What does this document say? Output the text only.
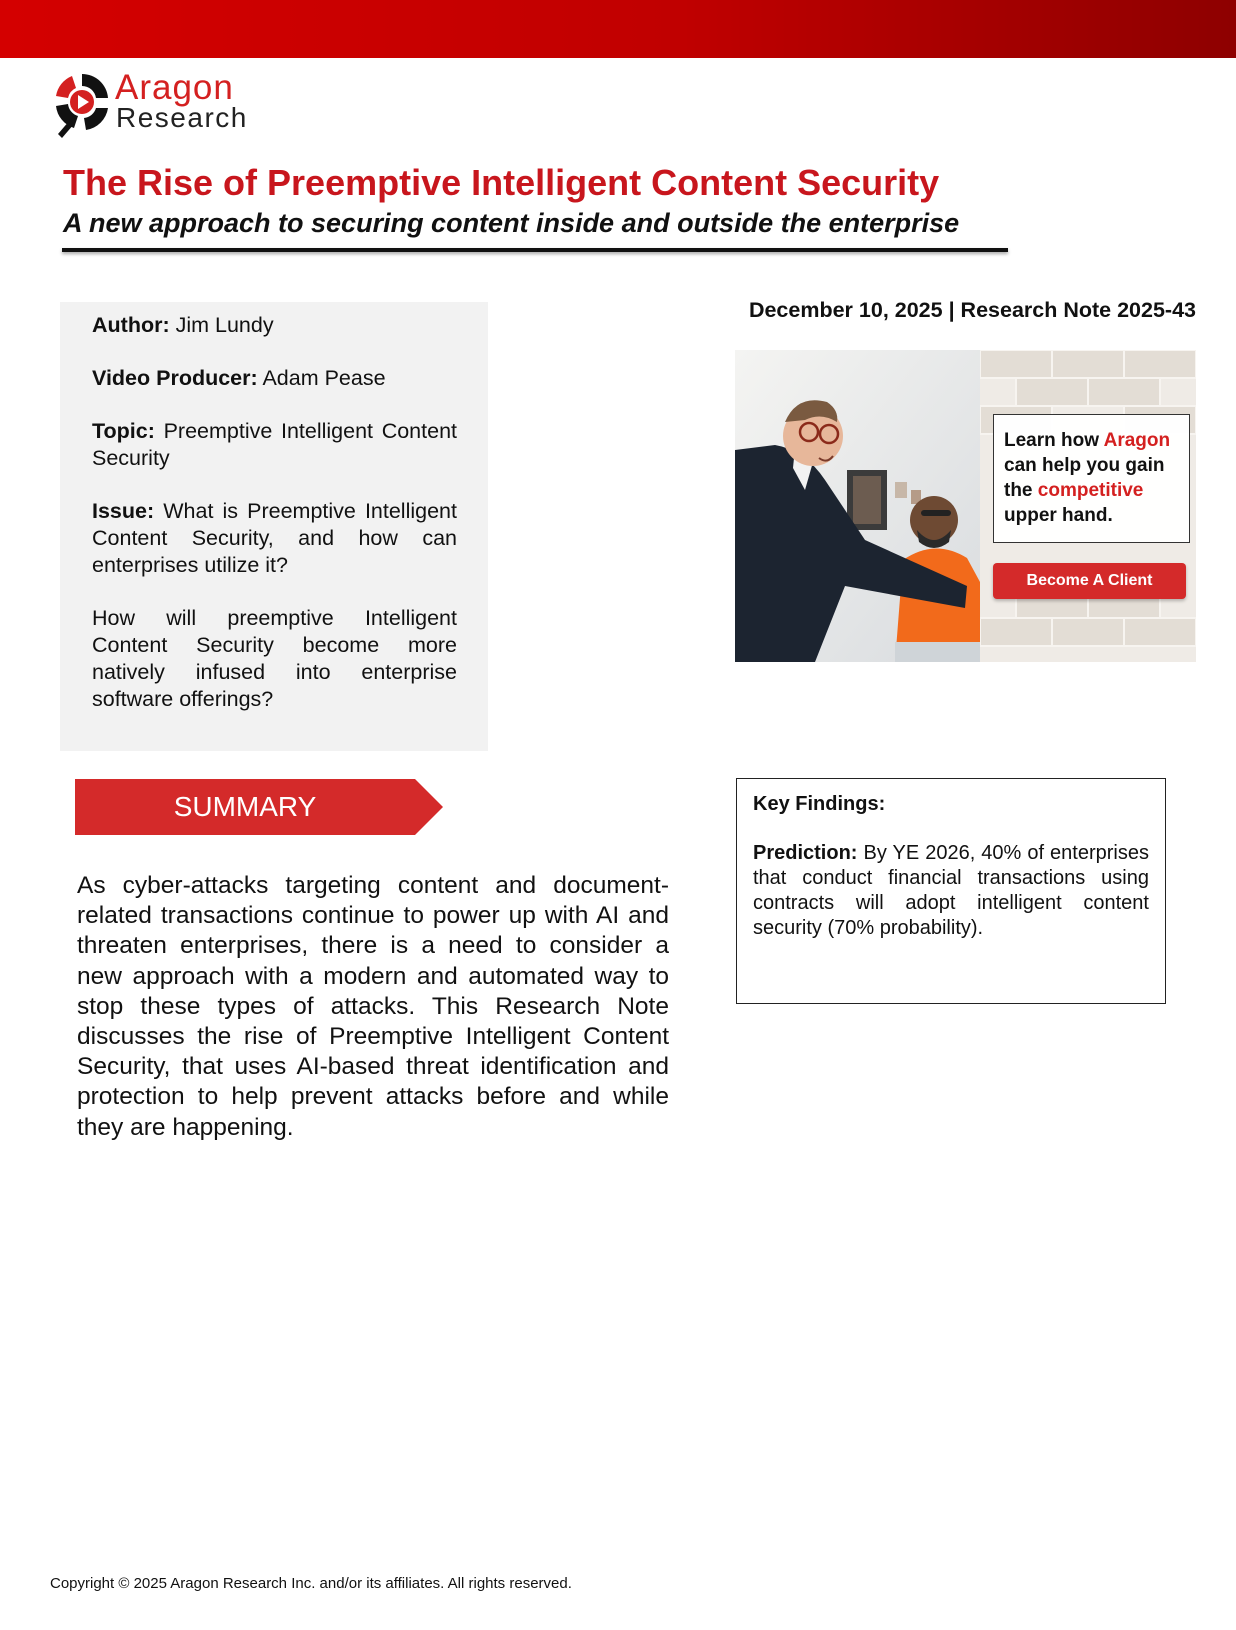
Aragon
Research
The Rise of Preemptive Intelligent Content Security
A new approach to securing content inside and outside the enterprise

Author: Jim Lundy

Video Producer: Adam Pease

Topic: Preemptive Intelligent Content Security

Issue: What is Preemptive Intelligent Content Security, and how can enterprises utilize it?

How will preemptive Intelligent Content Security become more natively infused into enterprise software offerings?

December 10, 2025 | Research Note 2025-43
Learn how Aragon
can help you gain
the competitive
upper hand.
Become A Client
SUMMARY

As cyber-attacks targeting content and document-related transactions continue to power up with AI and threaten enterprises, there is a need to consider a new approach with a modern and automated way to stop these types of attacks. This Research Note discusses the rise of Preemptive Intelligent Content Security, that uses AI-based threat identification and protection to help prevent attacks before and while they are happening.

Key Findings:

Prediction: By YE 2026, 40% of enterprises that conduct financial transactions using contracts will adopt intelligent content security (70% probability).

Copyright © 2025 Aragon Research Inc. and/or its affiliates. All rights reserved.
